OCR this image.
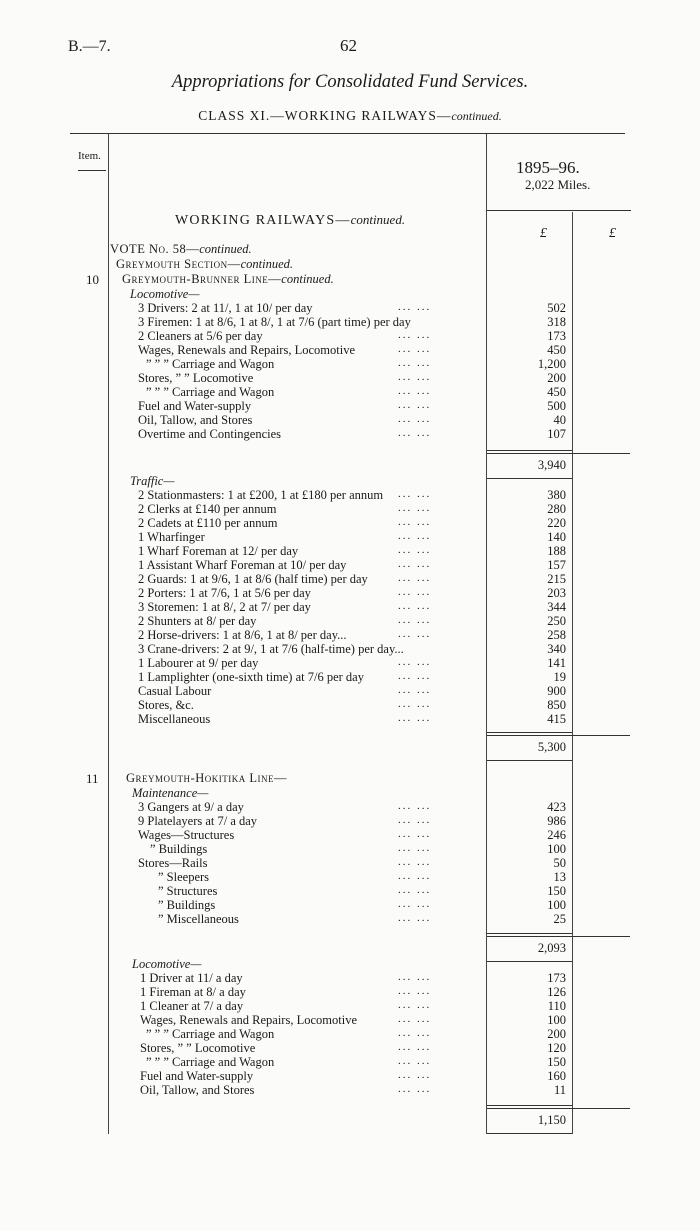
B.—7.	62
Appropriations for Consolidated Fund Services.
CLASS XI.—WORKING RAILWAYS—continued.
Item.
1895–96.
2,022 Miles.
WORKING RAILWAYS—continued.
£	£
VOTE No. 58—continued.
Greymouth Section—continued.
Greymouth-Brunner Line—continued.
10
Locomotive—
3 Drivers: 2 at 11/, 1 at 10/ per day	... ...	502
3 Firemen: 1 at 8/6, 1 at 8/, 1 at 7/6 (part time) per day	318
2 Cleaners at 5/6 per day	... ...	173
Wages, Renewals and Repairs, Locomotive	... ...	450
” ” ” Carriage and Wagon	... ...	1,200
Stores, ” ” Locomotive	... ...	200
” ” ” Carriage and Wagon	... ...	450
Fuel and Water-supply	... ...	500
Oil, Tallow, and Stores	... ...	40
Overtime and Contingencies	... ...	107
3,940
Traffic—
2 Stationmasters: 1 at £200, 1 at £180 per annum ... ...	380
2 Clerks at £140 per annum	... ...	280
2 Cadets at £110 per annum	... ...	220
1 Wharfinger	... ...	140
1 Wharf Foreman at 12/ per day	... ...	188
1 Assistant Wharf Foreman at 10/ per day	... ...	157
2 Guards: 1 at 9/6, 1 at 8/6 (half time) per day	... ...	215
2 Porters: 1 at 7/6, 1 at 5/6 per day	... ...	203
3 Storemen: 1 at 8/, 2 at 7/ per day	... ...	344
2 Shunters at 8/ per day	... ...	250
2 Horse-drivers: 1 at 8/6, 1 at 8/ per day...	... ...	258
3 Crane-drivers: 2 at 9/, 1 at 7/6 (half-time) per day...	340
1 Labourer at 9/ per day	... ...	141
1 Lamplighter (one-sixth time) at 7/6 per day	... ...	19
Casual Labour	... ...	900
Stores, &c.	... ...	850
Miscellaneous	... ...	415
5,300
Greymouth-Hokitika Line—
11
Maintenance—
3 Gangers at 9/ a day	... ...	423
9 Platelayers at 7/ a day	... ...	986
Wages—Structures	... ...	246
” Buildings	... ...	100
Stores—Rails	... ...	50
” Sleepers	... ...	13
” Structures	... ...	150
” Buildings	... ...	100
” Miscellaneous	... ...	25
2,093
Locomotive—
1 Driver at 11/ a day	... ...	173
1 Fireman at 8/ a day	... ...	126
1 Cleaner at 7/ a day	... ...	110
Wages, Renewals and Repairs, Locomotive	... ...	100
” ” ” Carriage and Wagon	... ...	200
Stores, ” ” Locomotive	... ...	120
” ” ” Carriage and Wagon	... ...	150
Fuel and Water-supply	... ...	160
Oil, Tallow, and Stores	... ...	11
1,150
